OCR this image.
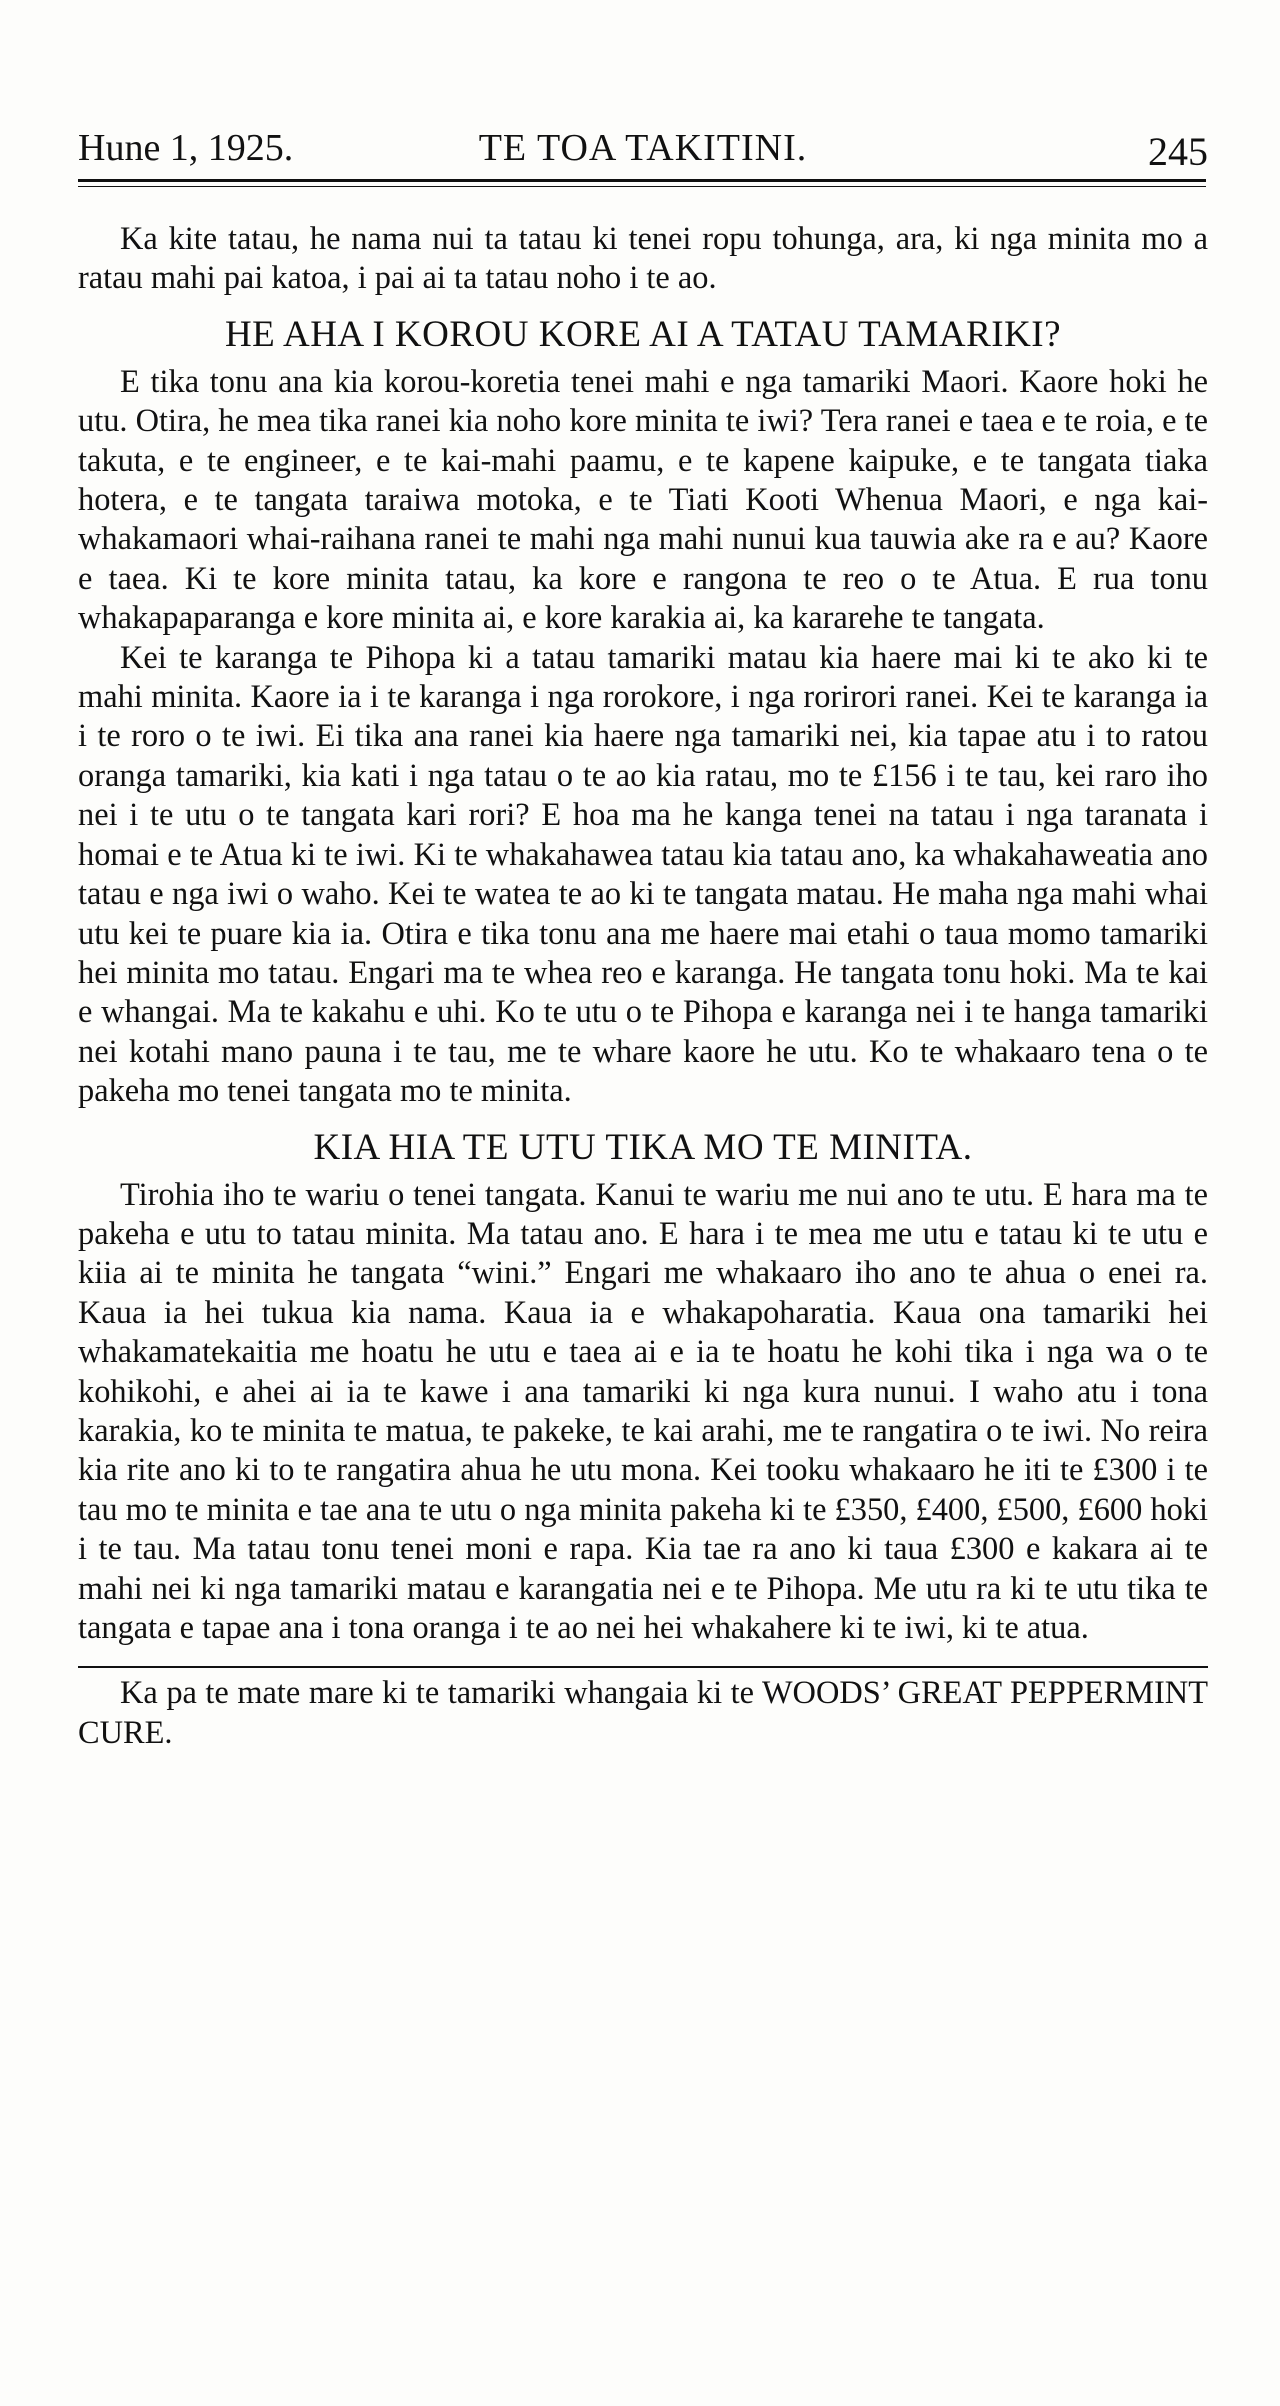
Hune 1, 1925.	TE TOA TAKITINI.	245

Ka kite tatau, he nama nui ta tatau ki tenei ropu tohunga, ara, ki nga minita mo a ratau mahi pai katoa, i pai ai ta tatau noho i te ao.

HE AHA I KOROU KORE AI A TATAU TAMARIKI?

E tika tonu ana kia korou-koretia tenei mahi e nga tamariki Maori. Kaore hoki he utu. Otira, he mea tika ranei kia noho kore minita te iwi? Tera ranei e taea e te roia, e te takuta, e te engineer, e te kai-mahi paamu, e te kapene kaipuke, e te tangata tiaka hotera, e te tangata taraiwa motoka, e te Tiati Kooti Whenua Maori, e nga kai-whakamaori whai-raihana ranei te mahi nga mahi nunui kua tauwia ake ra e au? Kaore e taea. Ki te kore minita tatau, ka kore e rangona te reo o te Atua. E rua tonu whakapaparanga e kore minita ai, e kore karakia ai, ka kararehe te tangata.

Kei te karanga te Pihopa ki a tatau tamariki matau kia haere mai ki te ako ki te mahi minita. Kaore ia i te karanga i nga rorokore, i nga rorirori ranei. Kei te karanga ia i te roro o te iwi. Ei tika ana ranei kia haere nga tamariki nei, kia tapae atu i to ratou oranga tamariki, kia kati i nga tatau o te ao kia ratau, mo te £156 i te tau, kei raro iho nei i te utu o te tangata kari rori? E hoa ma he kanga tenei na tatau i nga taranata i homai e te Atua ki te iwi. Ki te whakahawea tatau kia tatau ano, ka whakahaweatia ano tatau e nga iwi o waho. Kei te watea te ao ki te tangata matau. He maha nga mahi whai utu kei te puare kia ia. Otira e tika tonu ana me haere mai etahi o taua momo tamariki hei minita mo tatau. Engari ma te whea reo e karanga. He tangata tonu hoki. Ma te kai e whangai. Ma te kakahu e uhi. Ko te utu o te Pihopa e karanga nei i te hanga tamariki nei kotahi mano pauna i te tau, me te whare kaore he utu. Ko te whakaaro tena o te pakeha mo tenei tangata mo te minita.

KIA HIA TE UTU TIKA MO TE MINITA.

Tirohia iho te wariu o tenei tangata. Kanui te wariu me nui ano te utu. E hara ma te pakeha e utu to tatau minita. Ma tatau ano. E hara i te mea me utu e tatau ki te utu e kiia ai te minita he tangata “wini.” Engari me whakaaro iho ano te ahua o enei ra. Kaua ia hei tukua kia nama. Kaua ia e whakapoharatia. Kaua ona tamariki hei whakamatekaitia me hoatu he utu e taea ai e ia te hoatu he kohi tika i nga wa o te kohikohi, e ahei ai ia te kawe i ana tamariki ki nga kura nunui. I waho atu i tona karakia, ko te minita te matua, te pakeke, te kai arahi, me te rangatira o te iwi. No reira kia rite ano ki to te rangatira ahua he utu mona. Kei tooku whakaaro he iti te £300 i te tau mo te minita e tae ana te utu o nga minita pakeha ki te £350, £400, £500, £600 hoki i te tau. Ma tatau tonu tenei moni e rapa. Kia tae ra ano ki taua £300 e kakara ai te mahi nei ki nga tamariki matau e karangatia nei e te Pihopa. Me utu ra ki te utu tika te tangata e tapae ana i tona oranga i te ao nei hei whakahere ki te iwi, ki te atua.

Ka pa te mate mare ki te tamariki whangaia ki te WOODS’ GREAT PEPPERMINT CURE.
